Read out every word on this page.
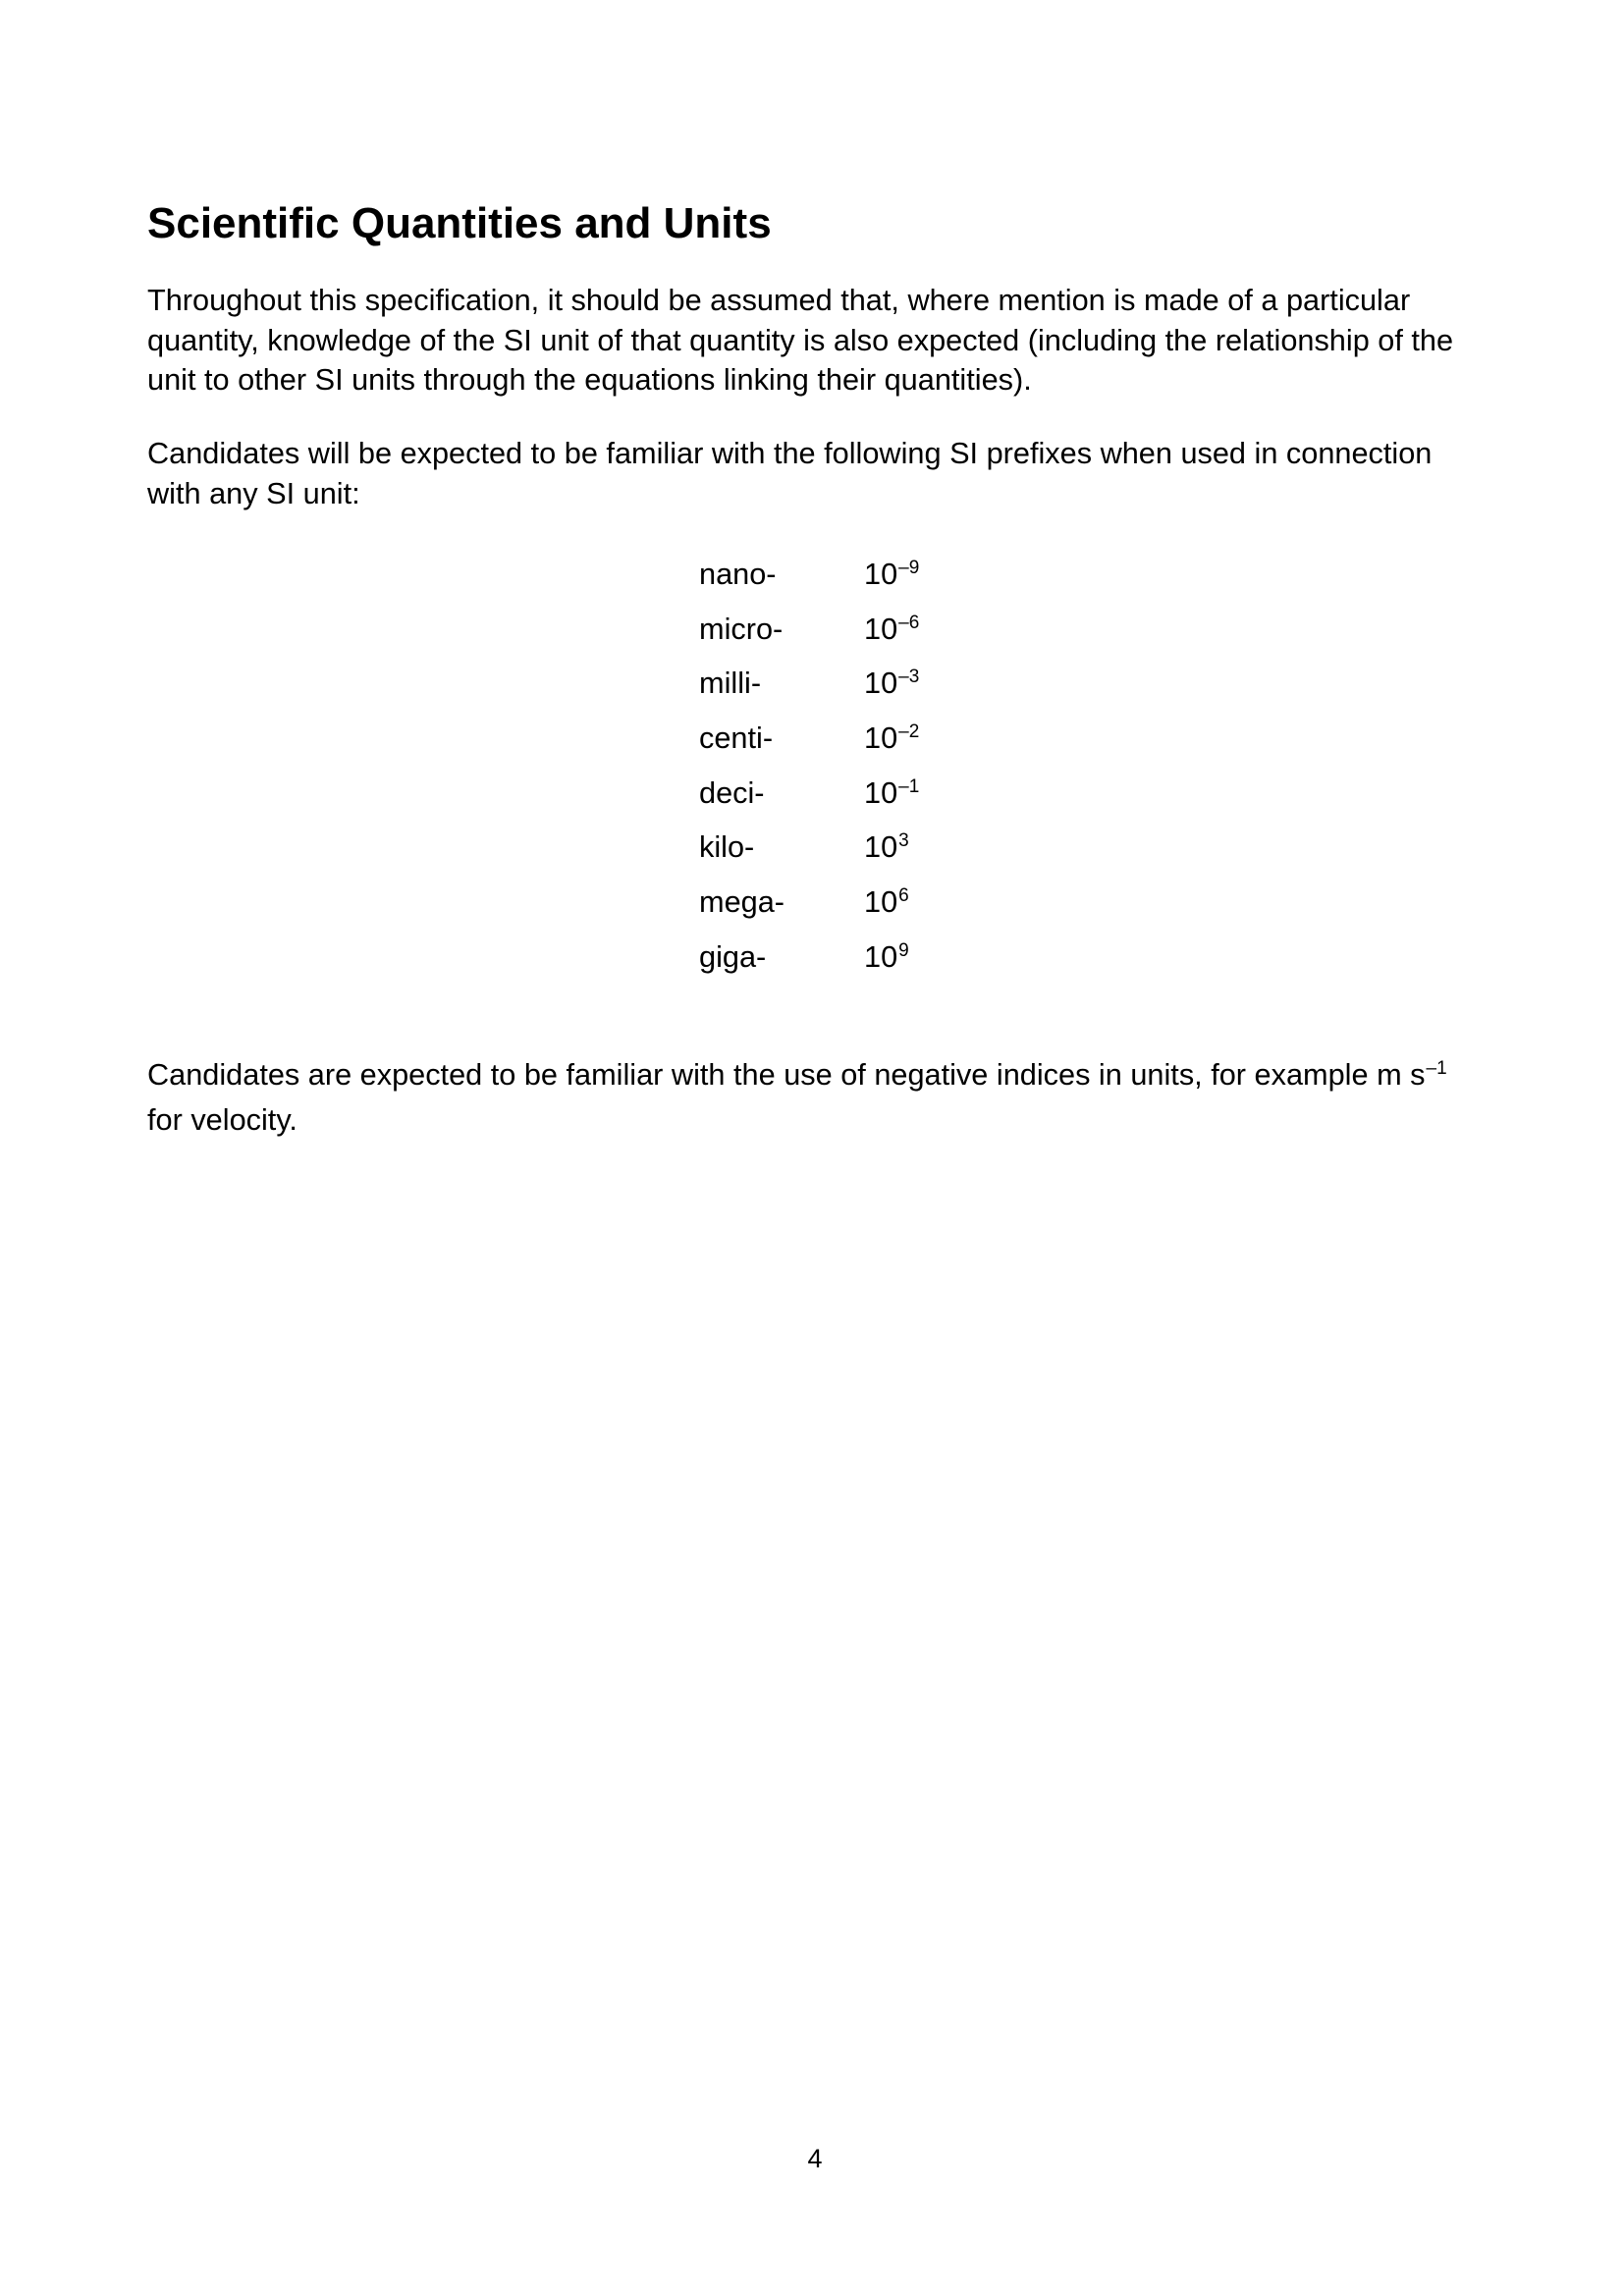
Scientific Quantities and Units

Throughout this specification, it should be assumed that, where mention is made of a particular
quantity, knowledge of the SI unit of that quantity is also expected (including the relationship of the
unit to other SI units through the equations linking their quantities).

Candidates will be expected to be familiar with the following SI prefixes when used in connection
with any SI unit:

nano-	$10^{-9}$
micro-	$10^{-6}$
milli-	$10^{-3}$
centi-	$10^{-2}$
deci-	$10^{-1}$
kilo-	$10^3$
mega-	$10^6$
giga-	$10^9$

Candidates are expected to be familiar with the use of negative indices in units, for example m $s^{-1}$
for velocity.

4
